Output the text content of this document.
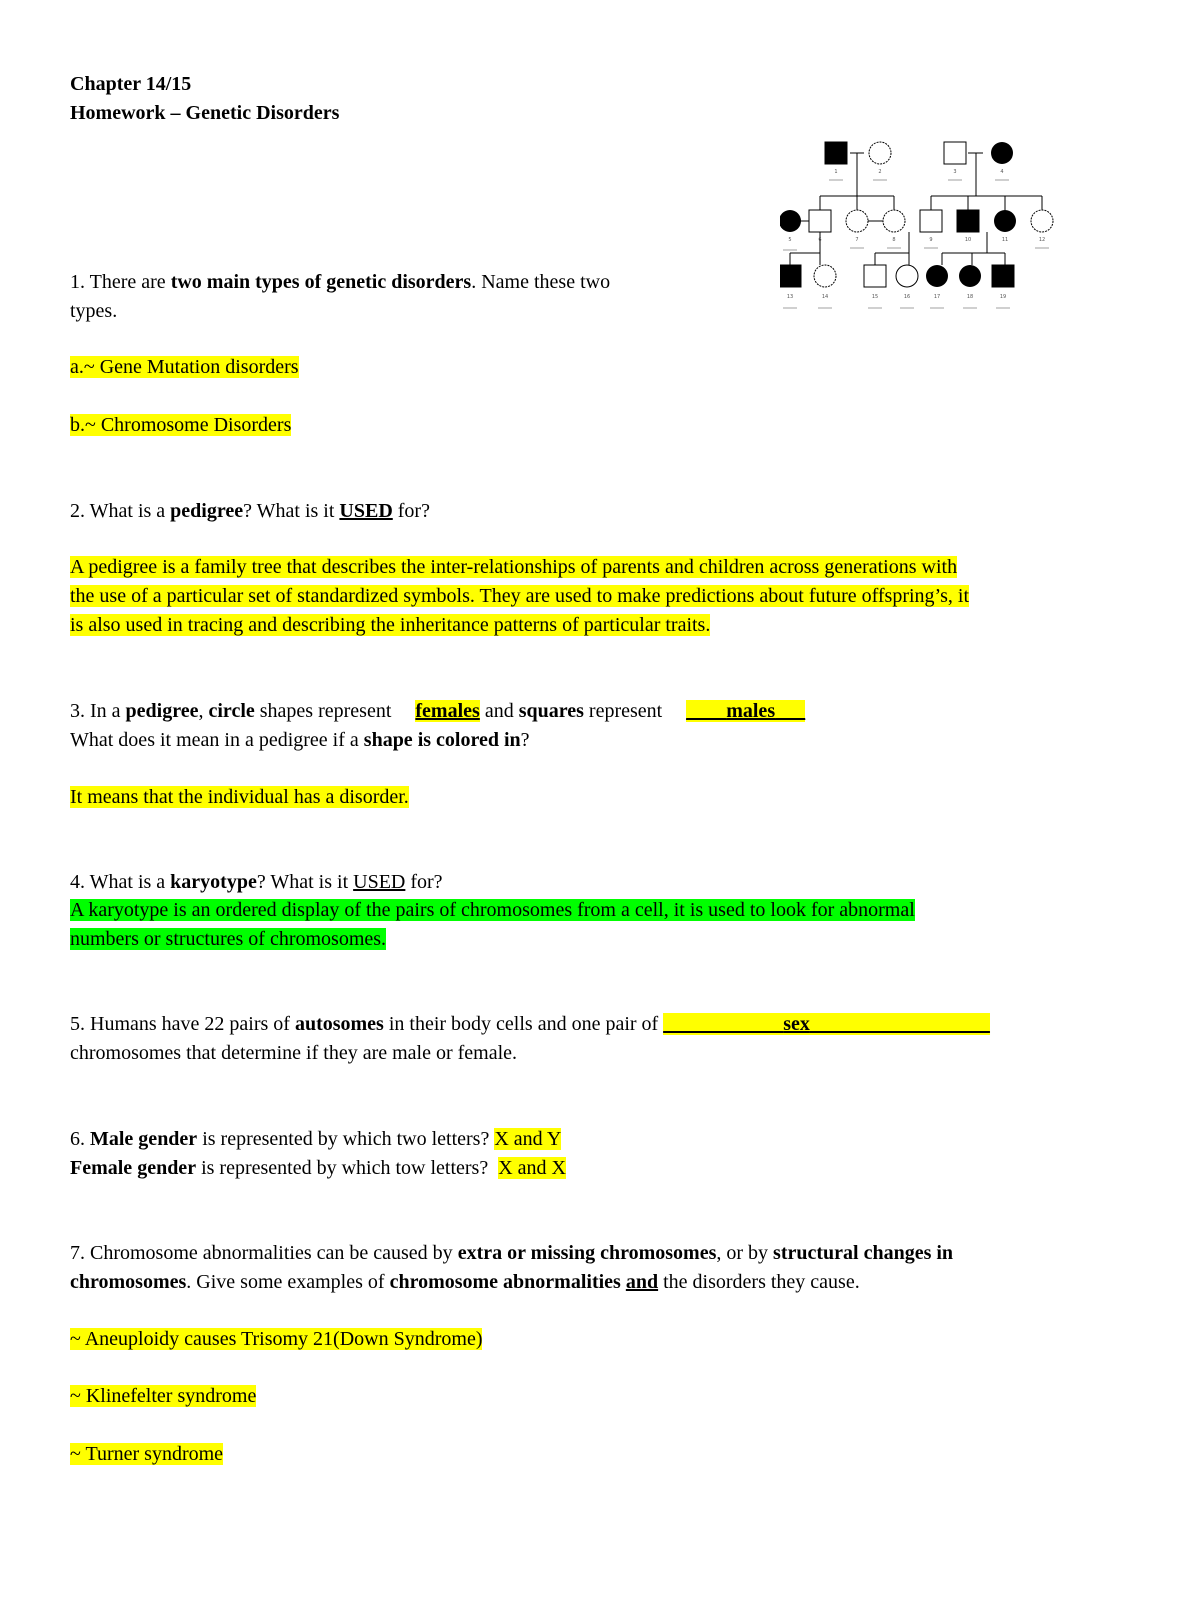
Chapter 14/15
Homework – Genetic Disorders
1. There are two main types of genetic disorders. Name these two
types.
a.~ Gene Mutation disorders
b.~ Chromosome Disorders
2. What is a pedigree? What is it USED for?
A pedigree is a family tree that describes the inter-relationships of parents and children across generations with
the use of a particular set of standardized symbols. They are used to make predictions about future offspring’s, it
is also used in tracing and describing the inheritance patterns of particular traits.
3. In a pedigree, circle shapes represent females and squares represent ____males___
What does it mean in a pedigree if a shape is colored in?
It means that the individual has a disorder.
4. What is a karyotype? What is it USED for?
A karyotype is an ordered display of the pairs of chromosomes from a cell, it is used to look for abnormal
numbers or structures of chromosomes.
5. Humans have 22 pairs of autosomes in their body cells and one pair of ____________sex__________________
chromosomes that determine if they are male or female.
6. Male gender is represented by which two letters? X and Y
Female gender is represented by which tow letters?  X and X
7. Chromosome abnormalities can be caused by extra or missing chromosomes, or by structural changes in
chromosomes. Give some examples of chromosome abnormalities and the disorders they cause.
~ Aneuploidy causes Trisomy 21(Down Syndrome)
~ Klinefelter syndrome
~ Turner syndrome
1	2	3	4
5	6	7	8	9	10	11	12
13	14	15	16	17	18	19
